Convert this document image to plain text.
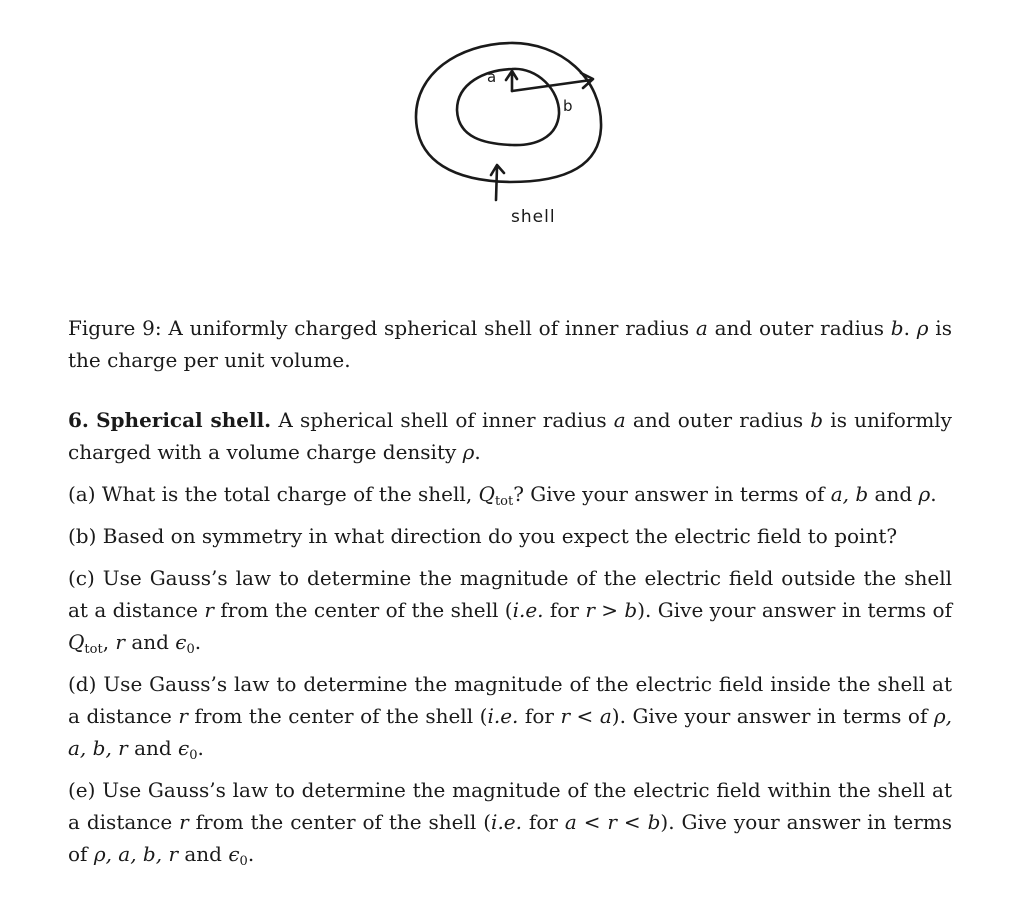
a
b
shell
Figure 9: A uniformly charged spherical shell of inner radius a and outer radius b. ρ is the charge per unit volume.
6. Spherical shell. A spherical shell of inner radius a and outer radius b is uniformly charged with a volume charge density ρ.
(a) What is the total charge of the shell, $Q_{tot}$? Give your answer in terms of a, b and ρ.
(b) Based on symmetry in what direction do you expect the electric field to point?
(c) Use Gauss’s law to determine the magnitude of the electric field outside the shell at a distance r from the center of the shell (i.e. for r > b). Give your answer in terms of $Q_{tot}$, r and $\epsilon_0$.
(d) Use Gauss’s law to determine the magnitude of the electric field inside the shell at a distance r from the center of the shell (i.e. for r < a). Give your answer in terms of ρ, a, b, r and $\epsilon_0$.
(e) Use Gauss’s law to determine the magnitude of the electric field within the shell at a distance r from the center of the shell (i.e. for a < r < b). Give your answer in terms of ρ, a, b, r and $\epsilon_0$.
